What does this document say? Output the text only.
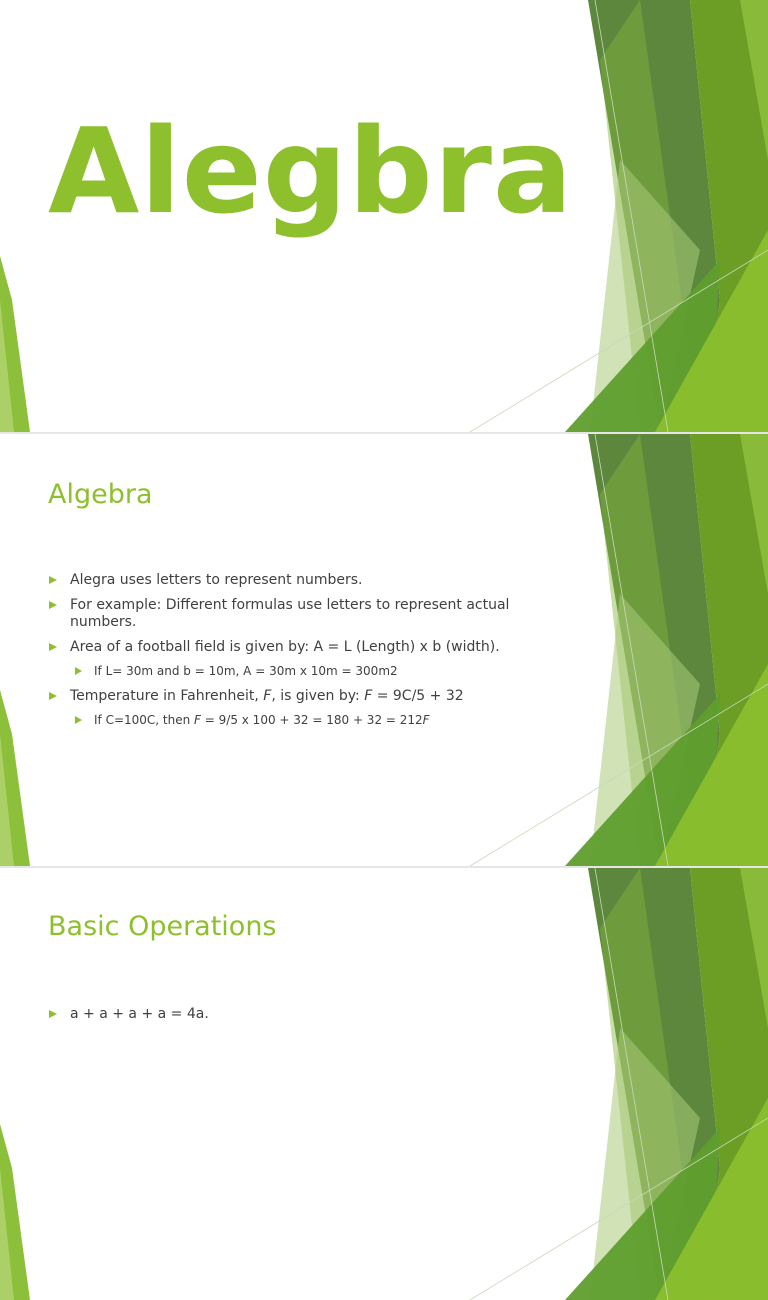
Alegbra
Algebra
Alegra uses letters to represent numbers.
For example: Different formulas use letters to represent actual numbers.
Area of a football field is given by: A = L (Length) x b (width).
If L= 30m and b = 10m, A = 30m x 10m = 300m2
Temperature in Fahrenheit, F, is given by: F = 9C/5 + 32
If C=100C, then F = 9/5 x 100 + 32 = 180 + 32 = 212F
Basic Operations
a + a + a + a = 4a.
